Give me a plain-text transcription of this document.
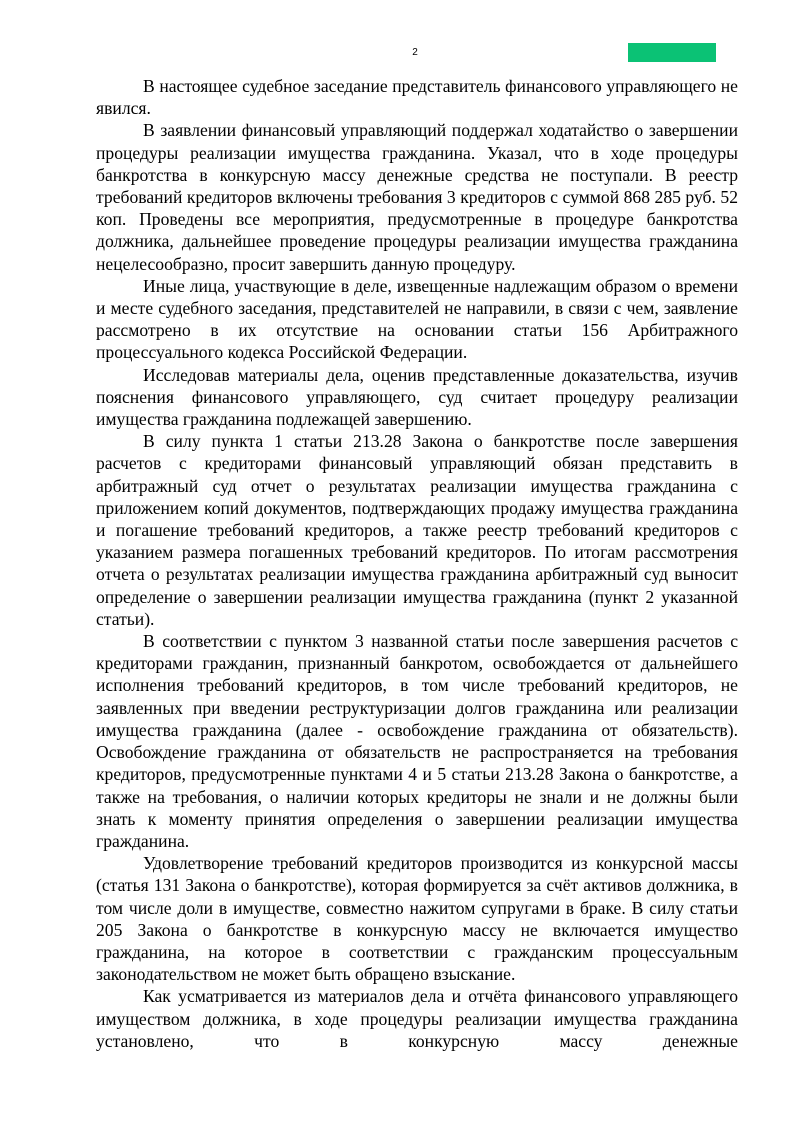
2

В настоящее судебное заседание представитель финансового управляющего не явился.

В заявлении финансовый управляющий поддержал ходатайство о завершении процедуры реализации имущества гражданина. Указал, что в ходе процедуры банкротства в конкурсную массу денежные средства не поступали. В реестр требований кредиторов включены требования 3 кредиторов с суммой 868 285 руб. 52 коп. Проведены все мероприятия, предусмотренные в процедуре банкротства должника, дальнейшее проведение процедуры реализации имущества гражданина нецелесообразно, просит завершить данную процедуру.

Иные лица, участвующие в деле, извещенные надлежащим образом о времени и месте судебного заседания, представителей не направили, в связи с чем, заявление рассмотрено в их отсутствие на основании статьи 156 Арбитражного процессуального кодекса Российской Федерации.

Исследовав материалы дела, оценив представленные доказательства, изучив пояснения финансового управляющего, суд считает процедуру реализации имущества гражданина подлежащей завершению.

В силу пункта 1 статьи 213.28 Закона о банкротстве после завершения расчетов с кредиторами финансовый управляющий обязан представить в арбитражный суд отчет о результатах реализации имущества гражданина с приложением копий документов, подтверждающих продажу имущества гражданина и погашение требований кредиторов, а также реестр требований кредиторов с указанием размера погашенных требований кредиторов. По итогам рассмотрения отчета о результатах реализации имущества гражданина арбитражный суд выносит определение о завершении реализации имущества гражданина (пункт 2 указанной статьи).

В соответствии с пунктом 3 названной статьи после завершения расчетов с кредиторами гражданин, признанный банкротом, освобождается от дальнейшего исполнения требований кредиторов, в том числе требований кредиторов, не заявленных при введении реструктуризации долгов гражданина или реализации имущества гражданина (далее - освобождение гражданина от обязательств). Освобождение гражданина от обязательств не распространяется на требования кредиторов, предусмотренные пунктами 4 и 5 статьи 213.28 Закона о банкротстве, а также на требования, о наличии которых кредиторы не знали и не должны были знать к моменту принятия определения о завершении реализации имущества гражданина.

Удовлетворение требований кредиторов производится из конкурсной массы (статья 131 Закона о банкротстве), которая формируется за счёт активов должника, в том числе доли в имуществе, совместно нажитом супругами в браке. В силу статьи 205 Закона о банкротстве в конкурсную массу не включается имущество гражданина, на которое в соответствии с гражданским процессуальным законодательством не может быть обращено взыскание.

Как усматривается из материалов дела и отчёта финансового управляющего имуществом должника, в ходе процедуры реализации имущества гражданина установлено, что в конкурсную массу денежные
